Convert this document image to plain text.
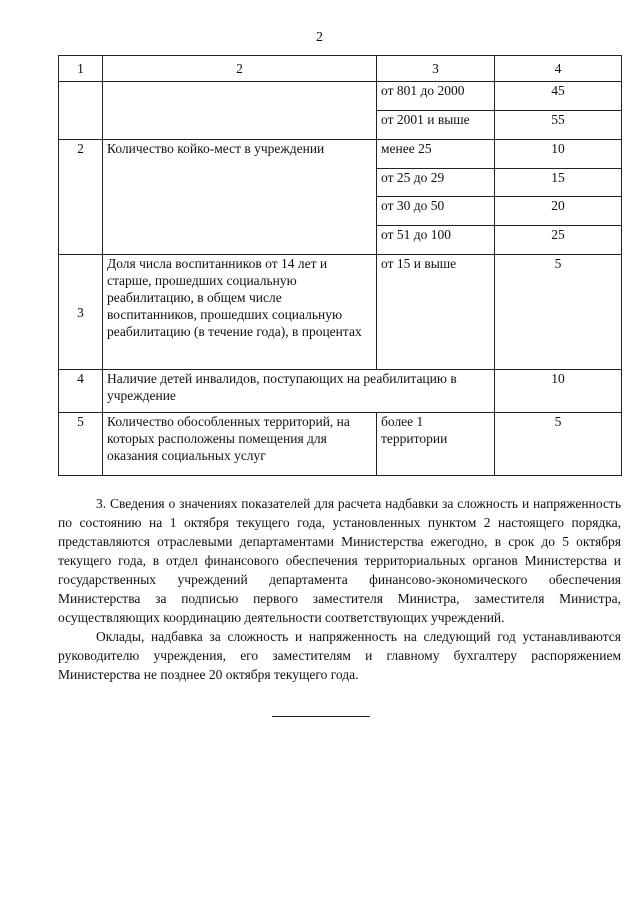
2
1	2	3	4
		от 801 до 2000	45
		от 2001 и выше	55
2	Количество койко-мест в учреждении	менее 25	10
		от 25 до 29	15
		от 30 до 50	20
		от 51 до 100	25
3	Доля числа воспитанников от 14 лет и старше, прошедших социальную реабилитацию, в общем числе воспитанников, прошедших социальную реабилитацию (в течение года), в процентах	от 15 и выше	5
4	Наличие детей инвалидов, поступающих на реабилитацию в учреждение		10
5	Количество обособленных территорий, на которых расположены помещения для оказания социальных услуг	более 1 территории	5

3. Сведения о значениях показателей для расчета надбавки за сложность и напряженность по состоянию на 1 октября текущего года, установленных пунктом 2 настоящего порядка, представляются отраслевыми департаментами Министерства ежегодно, в срок до 5 октября текущего года, в отдел финансового обеспечения территориальных органов Министерства и государственных учреждений департамента финансово-экономического обеспечения Министерства за подписью первого заместителя Министра, заместителя Министра, осуществляющих координацию деятельности соответствующих учреждений.

Оклады, надбавка за сложность и напряженность на следующий год устанавливаются руководителю учреждения, его заместителям и главному бухгалтеру распоряжением Министерства не позднее 20 октября текущего года.
